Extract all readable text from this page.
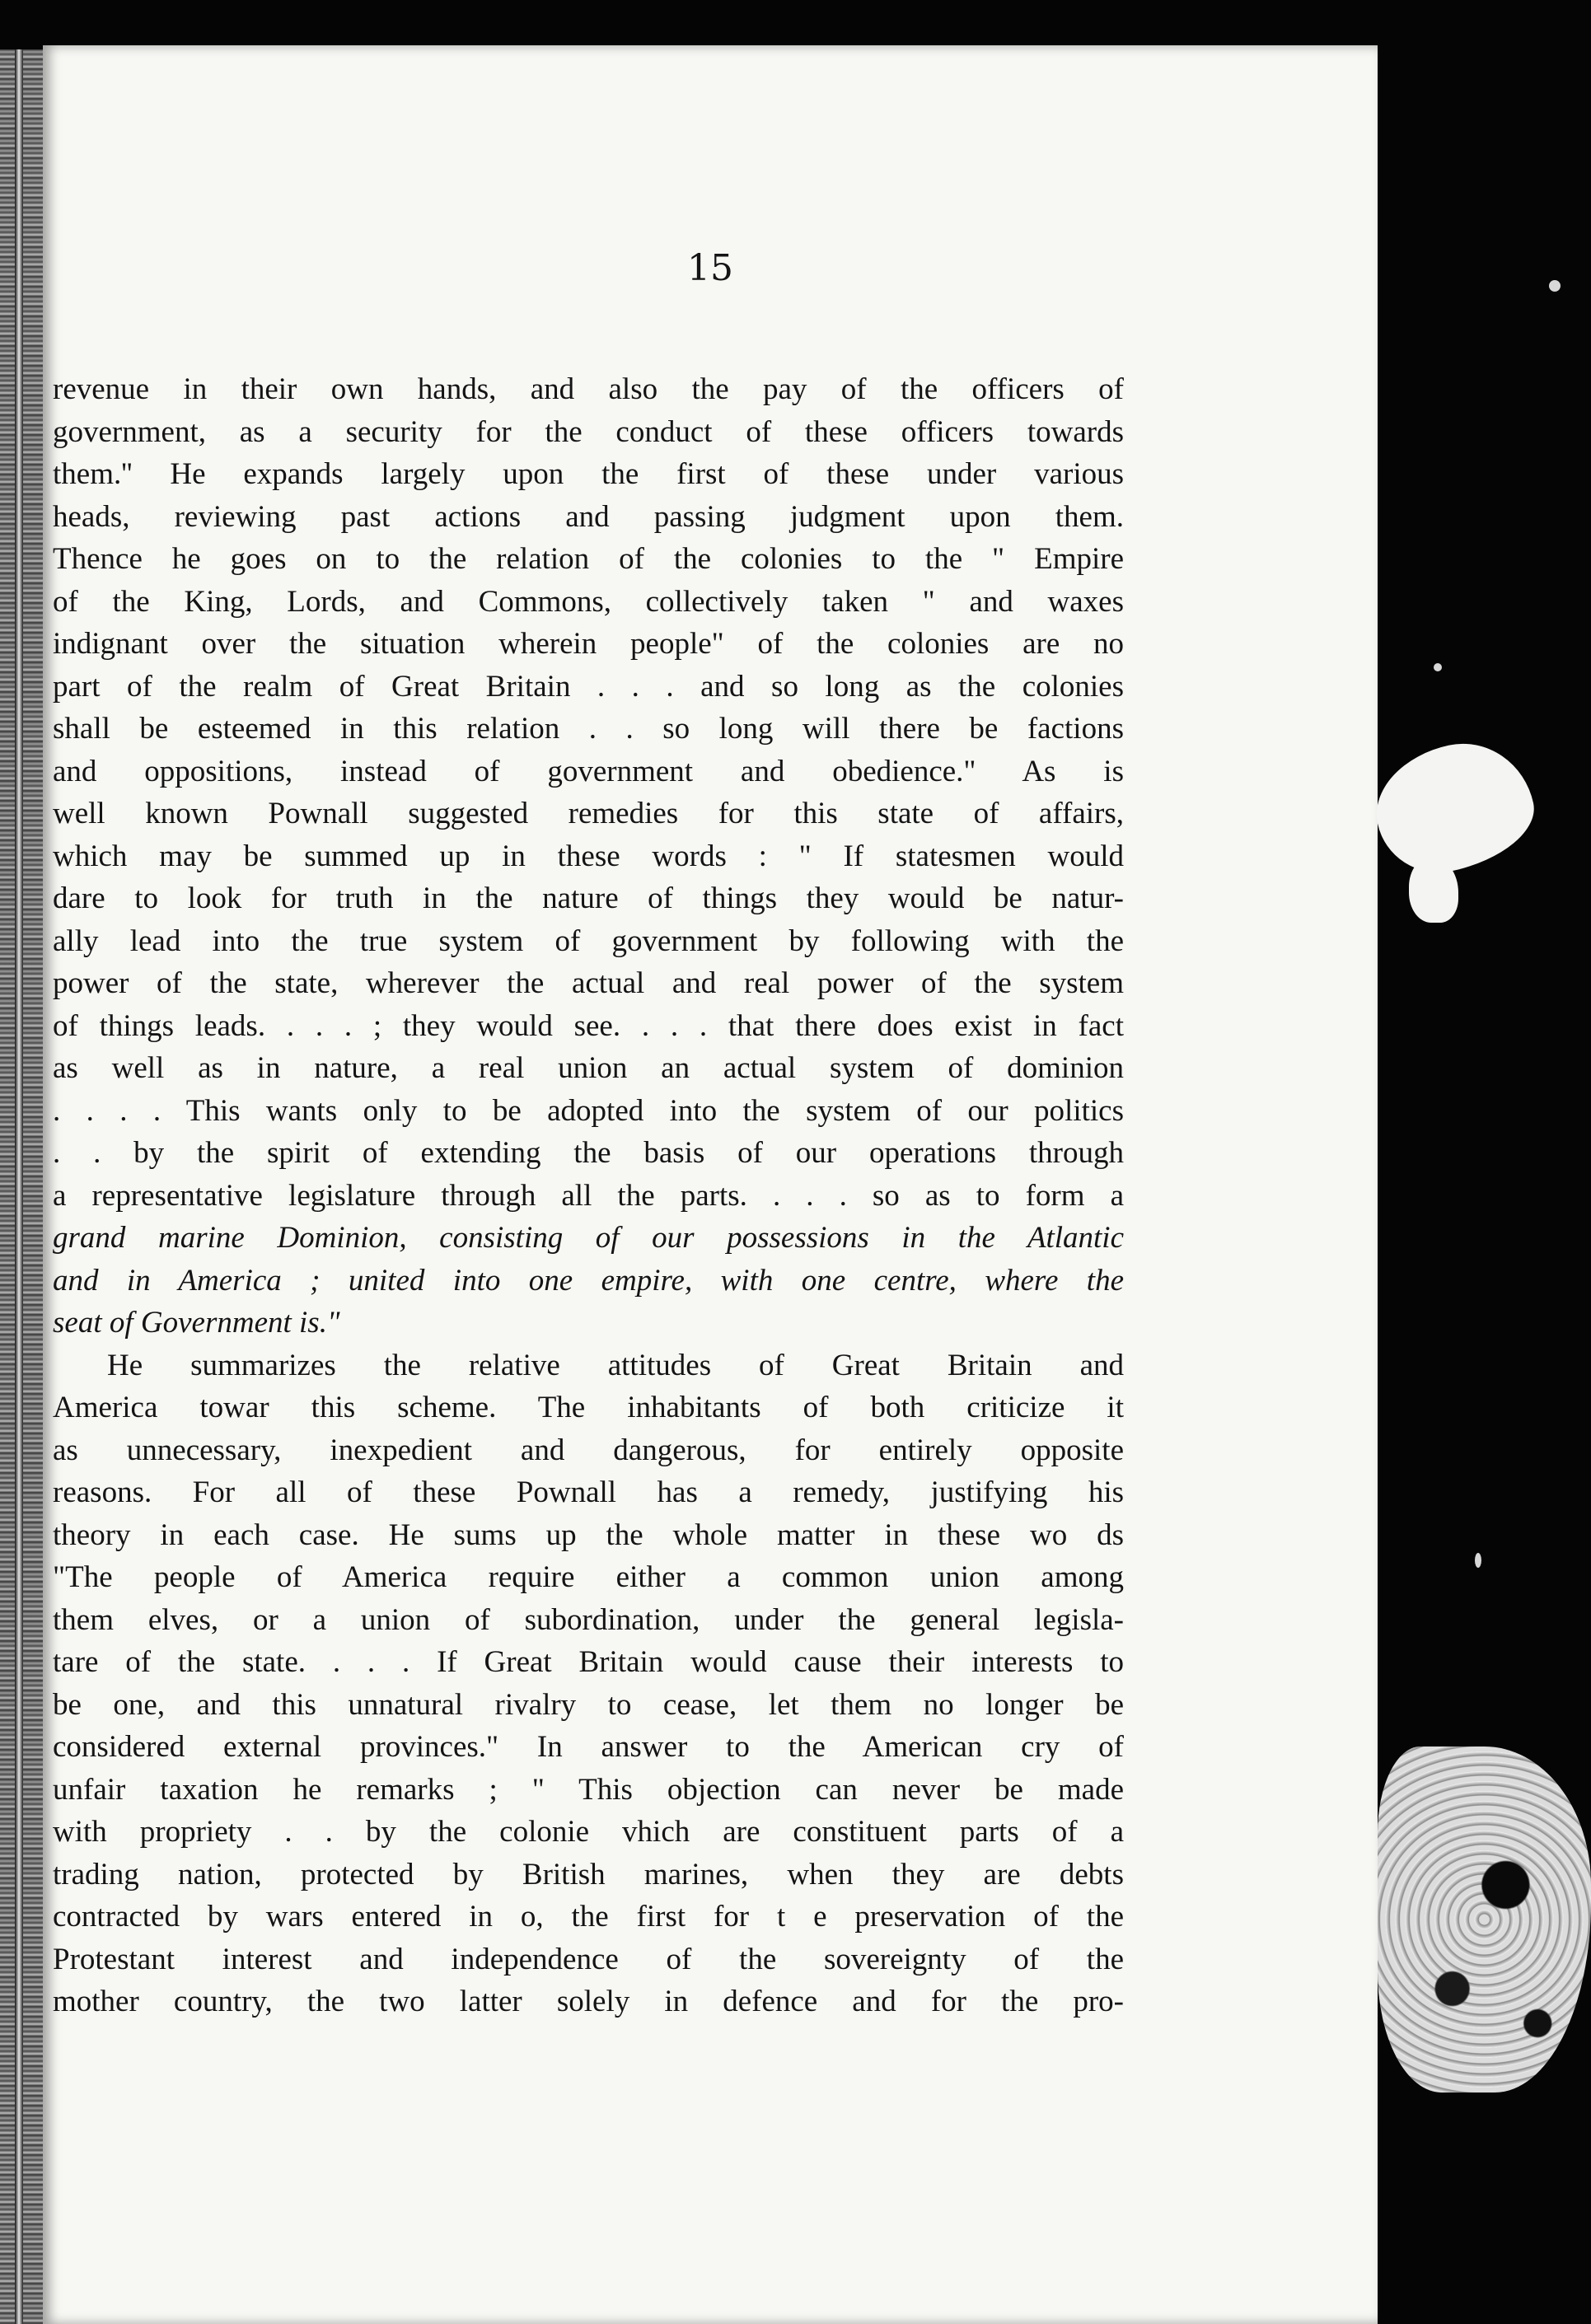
15
revenue in their own hands, and also the pay of the officers of
government, as a security for the conduct of these officers towards
them.'' He expands largely upon the first of these under various
heads, reviewing past actions and passing judgment upon them.
Thence he goes on to the relation of the colonies to the " Empire
of the King, Lords, and Commons, collectively taken " and waxes
indignant over the situation wherein people" of the colonies are no
part of the realm of Great Britain . . . and so long as the colonies
shall be esteemed in this relation . . so long will there be factions
and oppositions, instead of government and obedience." As is
well known Pownall suggested remedies for this state of affairs,
which may be summed up in these words : " If statesmen would
dare to look for truth in the nature of things they would be natur-
ally lead into the true system of government by following with the
power of the state, wherever the actual and real power of the system
of things leads. . . . ; they would see. . . . that there does exist in fact
as well as in nature, a real union an actual system of dominion
. . . . This wants only to be adopted into the system of our politics
. . by the spirit of extending the basis of our operations through
a representative legislature through all the parts. . . . so as to form a
grand marine Dominion, consisting of our possessions in the Atlantic
and in America ; united into one empire, with one centre, where the
seat of Government is."
He summarizes the relative attitudes of Great Britain and
America towar this scheme. The inhabitants of both criticize it
as unnecessary, inexpedient and dangerous, for entirely opposite
reasons. For all of these Pownall has a remedy, justifying his
theory in each case. He sums up the whole matter in these wo ds
"The people of America require either a common union among
them elves, or a union of subordination, under the general legisla-
tare of the state. . . . If Great Britain would cause their interests to
be one, and this unnatural rivalry to cease, let them no longer be
considered external provinces." In answer to the American cry of
unfair taxation he remarks ; " This objection can never be made
with propriety . . by the colonie vhich are constituent parts of a
trading nation, protected by British marines, when they are debts
contracted by wars entered in o, the first for t e preservation of the
Protestant interest and independence of the sovereignty of the
mother country, the two latter solely in defence and for the pro-
